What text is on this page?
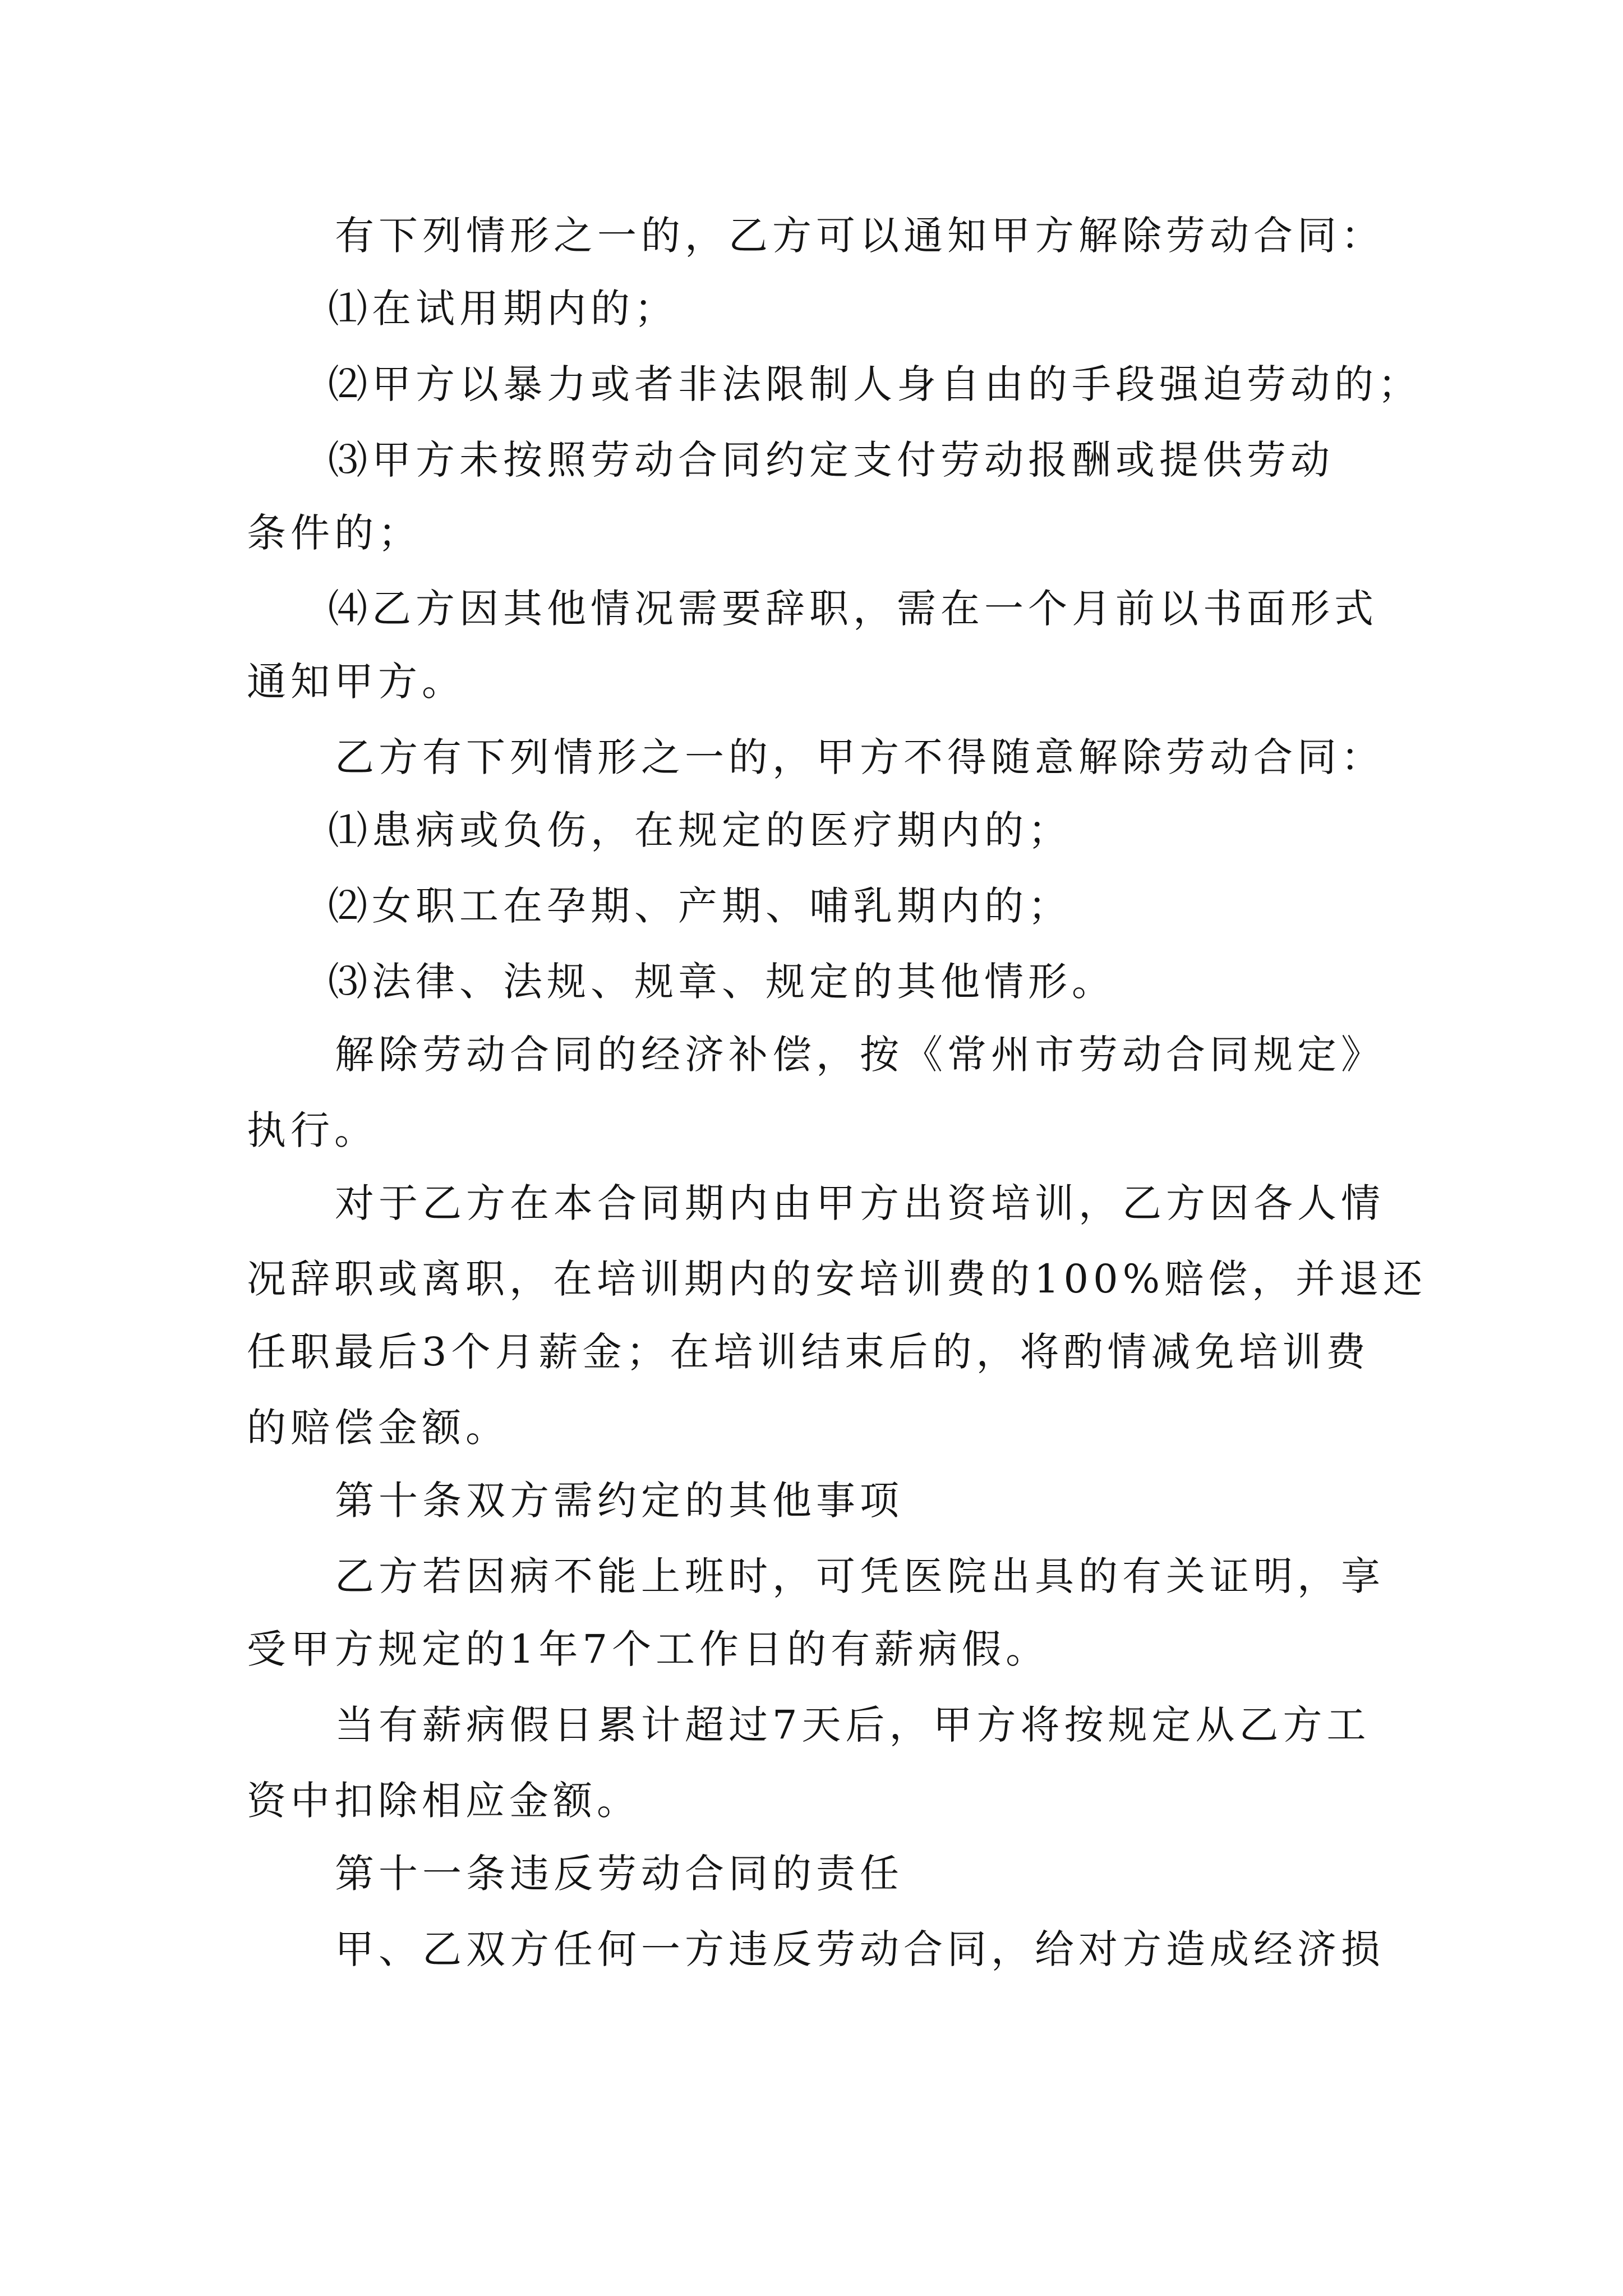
有下列情形之一的，乙方可以通知甲方解除劳动合同：
⑴在试用期内的；
⑵甲方以暴力或者非法限制人身自由的手段强迫劳动的；
⑶甲方未按照劳动合同约定支付劳动报酬或提供劳动
条件的；
⑷乙方因其他情况需要辞职，需在一个月前以书面形式
通知甲方。
乙方有下列情形之一的，甲方不得随意解除劳动合同：
⑴患病或负伤，在规定的医疗期内的；
⑵女职工在孕期、产期、哺乳期内的；
⑶法律、法规、规章、规定的其他情形。
解除劳动合同的经济补偿，按《常州市劳动合同规定》
执行。
对于乙方在本合同期内由甲方出资培训，乙方因各人情
况辞职或离职，在培训期内的安培训费的100%赔偿，并退还
任职最后3个月薪金；在培训结束后的，将酌情减免培训费
的赔偿金额。
第十条双方需约定的其他事项
乙方若因病不能上班时，可凭医院出具的有关证明，享
受甲方规定的1年7个工作日的有薪病假。
当有薪病假日累计超过7天后，甲方将按规定从乙方工
资中扣除相应金额。
第十一条违反劳动合同的责任
甲、乙双方任何一方违反劳动合同，给对方造成经济损
